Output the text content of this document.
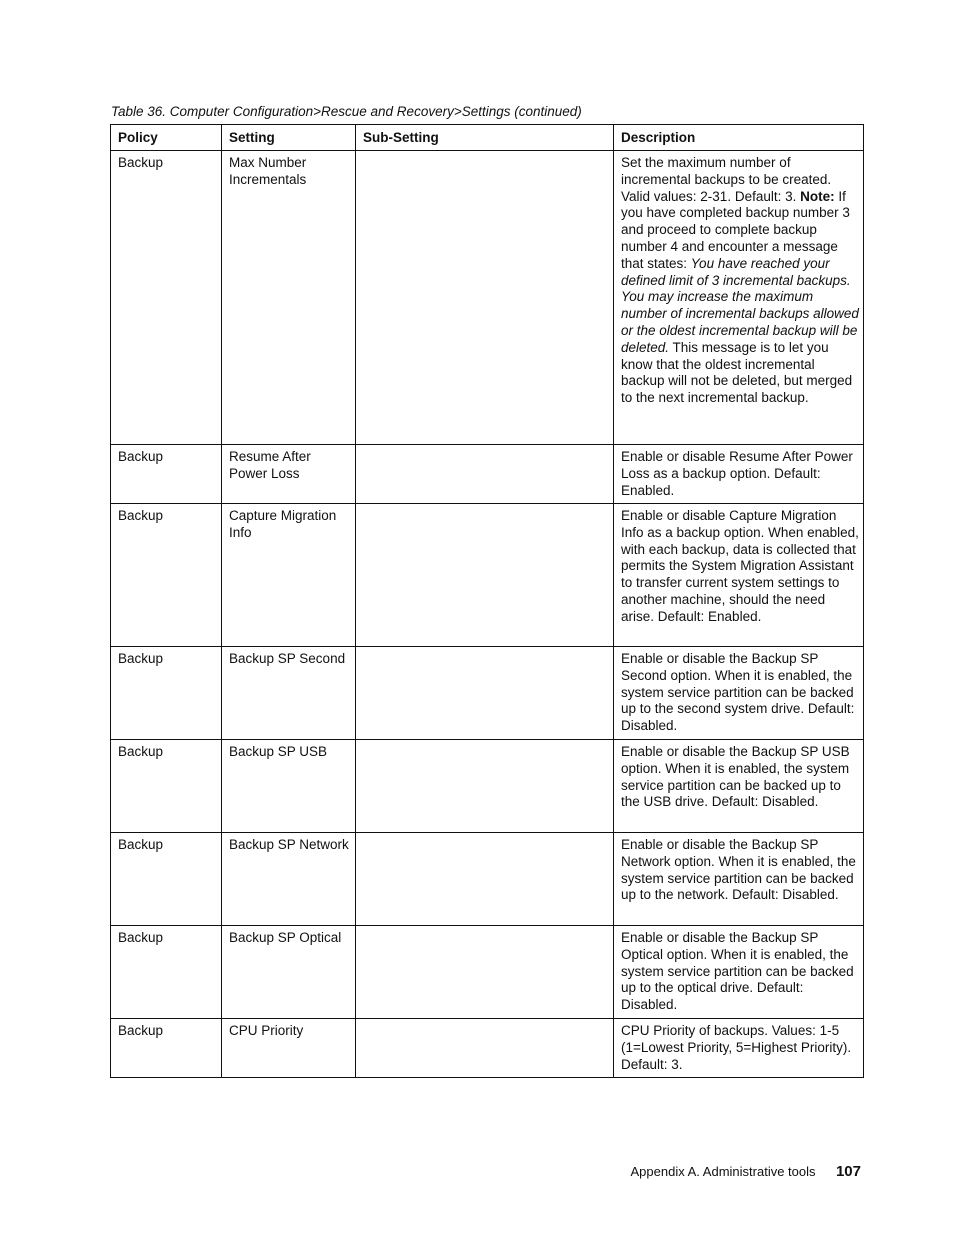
Table 36. Computer Configuration>Rescue and Recovery>Settings (continued)
Policy	Setting	Sub-Setting	Description
Backup	Max Number Incrementals		Set the maximum number of incremental backups to be created. Valid values: 2-31. Default: 3. Note: If you have completed backup number 3 and proceed to complete backup number 4 and encounter a message that states: You have reached your defined limit of 3 incremental backups. You may increase the maximum number of incremental backups allowed or the oldest incremental backup will be deleted. This message is to let you know that the oldest incremental backup will not be deleted, but merged to the next incremental backup.
Backup	Resume After Power Loss		Enable or disable Resume After Power Loss as a backup option. Default: Enabled.
Backup	Capture Migration Info		Enable or disable Capture Migration Info as a backup option. When enabled, with each backup, data is collected that permits the System Migration Assistant to transfer current system settings to another machine, should the need arise. Default: Enabled.
Backup	Backup SP Second		Enable or disable the Backup SP Second option. When it is enabled, the system service partition can be backed up to the second system drive. Default: Disabled.
Backup	Backup SP USB		Enable or disable the Backup SP USB option. When it is enabled, the system service partition can be backed up to the USB drive. Default: Disabled.
Backup	Backup SP Network		Enable or disable the Backup SP Network option. When it is enabled, the system service partition can be backed up to the network. Default: Disabled.
Backup	Backup SP Optical		Enable or disable the Backup SP Optical option. When it is enabled, the system service partition can be backed up to the optical drive. Default: Disabled.
Backup	CPU Priority		CPU Priority of backups. Values: 1-5 (1=Lowest Priority, 5=Highest Priority). Default: 3.
Appendix A. Administrative tools 107
